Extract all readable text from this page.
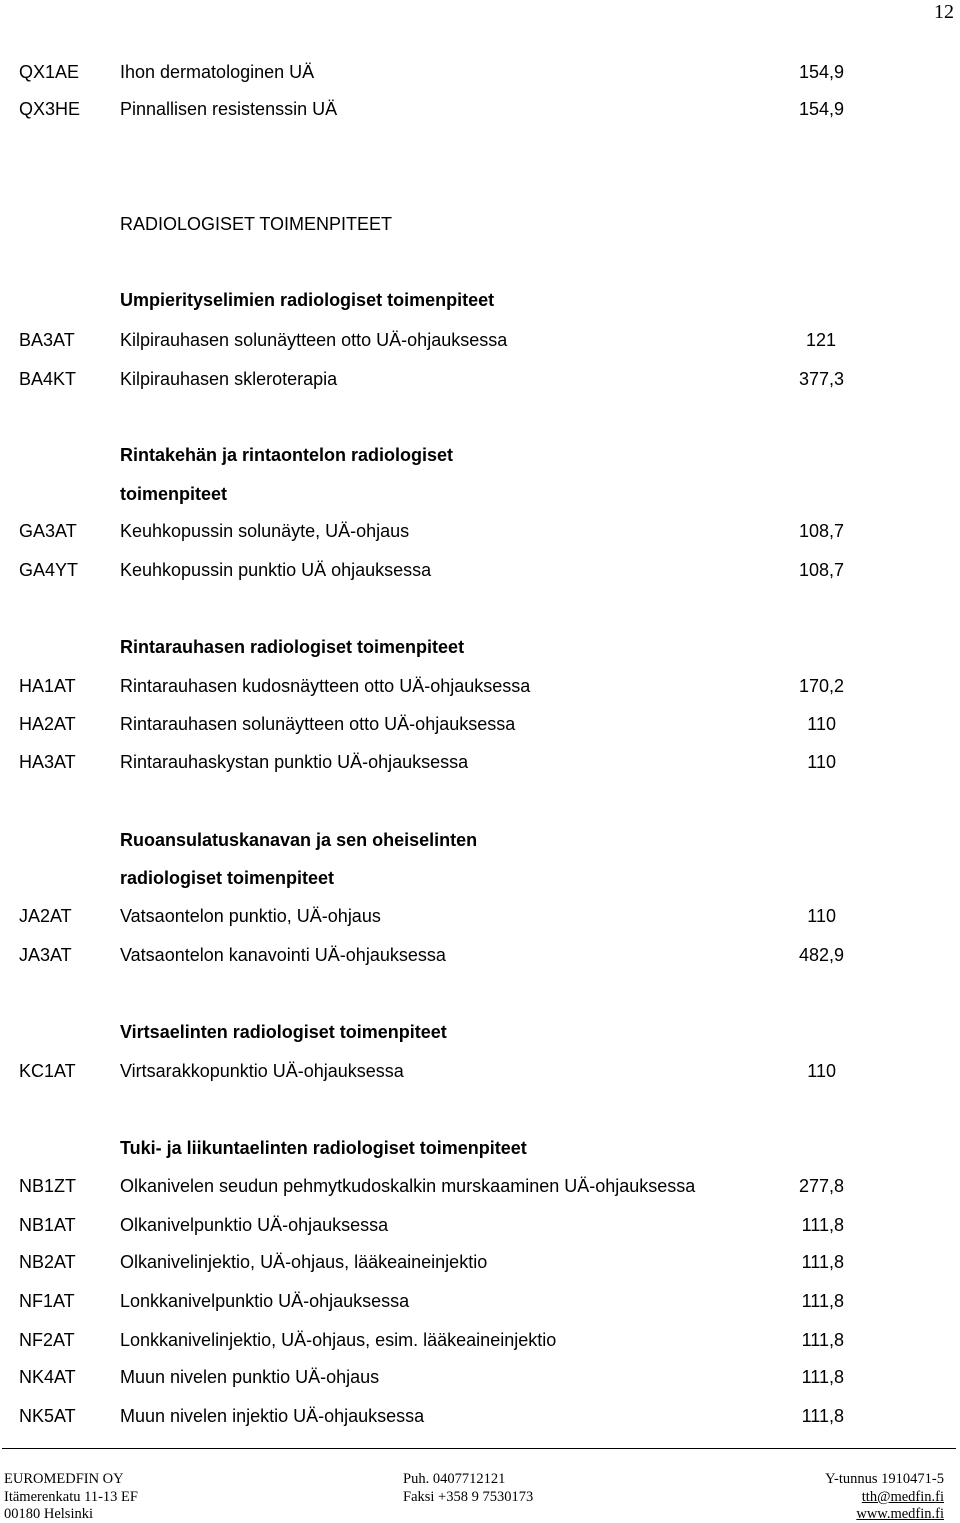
12
QX1AE Ihon dermatologinen UÄ	154,9
QX3HE Pinnallisen resistenssin UÄ	154,9
RADIOLOGISET TOIMENPITEET
Umpierityselimien radiologiset toimenpiteet
BA3AT	Kilpirauhasen solunäytteen otto UÄ-ohjauksessa	121
BA4KT Kilpirauhasen skleroterapia	377,3
Rintakehän ja rintaontelon radiologiset
toimenpiteet
GA3AT Keuhkopussin solunäyte, UÄ-ohjaus	108,7
GA4YT Keuhkopussin punktio UÄ ohjauksessa	108,7
Rintarauhasen radiologiset toimenpiteet
HA1AT Rintarauhasen kudosnäytteen otto UÄ-ohjauksessa	170,2
HA2AT Rintarauhasen solunäytteen otto UÄ-ohjauksessa	110
HA3AT Rintarauhaskystan punktio UÄ-ohjauksessa	110
Ruoansulatuskanavan ja sen oheiselinten
radiologiset toimenpiteet
JA2AT	Vatsaontelon punktio, UÄ-ohjaus	110
JA3AT	Vatsaontelon kanavointi UÄ-ohjauksessa	482,9
Virtsaelinten radiologiset toimenpiteet
KC1AT Virtsarakkopunktio UÄ-ohjauksessa	110
Tuki- ja liikuntaelinten radiologiset toimenpiteet
NB1ZT Olkanivelen seudun pehmytkudoskalkin murskaaminen UÄ-ohjauksessa	277,8
NB1AT Olkanivelpunktio UÄ-ohjauksessa	111,8
NB2AT Olkanivelinjektio, UÄ-ohjaus, lääkeaineinjektio	111,8
NF1AT	Lonkkanivelpunktio UÄ-ohjauksessa	111,8
NF2AT	Lonkkanivelinjektio, UÄ-ohjaus, esim. lääkeaineinjektio	111,8
NK4AT Muun nivelen punktio UÄ-ohjaus	111,8
NK5AT Muun nivelen injektio UÄ-ohjauksessa	111,8
EUROMEDFIN OY
Itämerenkatu 11-13 EF
00180 Helsinki
Puh. 0407712121
Faksi +358 9 7530173
Y-tunnus 1910471-5
tth@medfin.fi
www.medfin.fi
